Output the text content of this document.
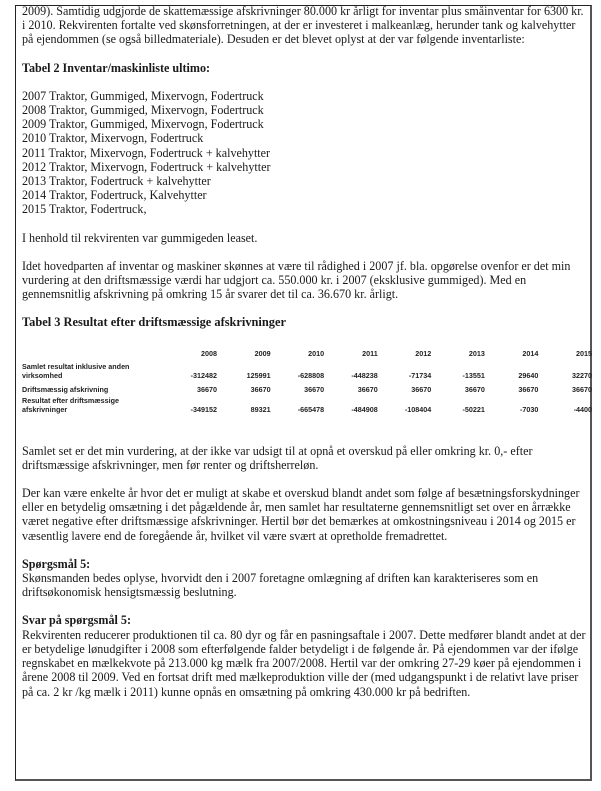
2009). Samtidig udgjorde de skattemæssige afskrivninger 80.000 kr årligt for inventar plus småinventar for 6300 kr. i 2010. Rekvirenten fortalte ved skønsforretningen, at der er investeret i malkeanlæg, herunder tank og kalvehytter på ejendommen (se også billedmateriale). Desuden er det blevet oplyst at der var følgende inventarliste:

Tabel 2 Inventar/maskinliste ultimo:
2007 Traktor, Gummiged, Mixervogn, Fodertruck
2008 Traktor, Gummiged, Mixervogn, Fodertruck
2009 Traktor, Gummiged, Mixervogn, Fodertruck
2010 Traktor, Mixervogn, Fodertruck
2011 Traktor, Mixervogn, Fodertruck + kalvehytter
2012 Traktor, Mixervogn, Fodertruck + kalvehytter
2013 Traktor, Fodertruck + kalvehytter
2014 Traktor, Fodertruck, Kalvehytter
2015 Traktor, Fodertruck,

I henhold til rekvirenten var gummigeden leaset.

Idet hovedparten af inventar og maskiner skønnes at være til rådighed i 2007 jf. bla. opgørelse ovenfor er det min vurdering at den driftsmæssige værdi har udgjort ca. 550.000 kr. i 2007 (eksklusive gummiged). Med en gennemsnitlig afskrivning på omkring 15 år svarer det til ca. 36.670 kr. årligt.

Tabel 3 Resultat efter driftsmæssige afskrivninger
	2008	2009	2010	2011	2012	2013	2014	2015

Samlet resultat inklusive anden
virksomhed	-312482	125991	-628808	-448238	-71734	-13551	29640	32270

Driftsmæssig afskrivning	36670	36670	36670	36670	36670	36670	36670	36670

Resultat efter driftsmæssige
afskrivninger	-349152	89321	-665478	-484908	-108404	-50221	-7030	-4400

Samlet set er det min vurdering, at der ikke var udsigt til at opnå et overskud på eller omkring kr. 0,- efter driftsmæssige afskrivninger, men før renter og driftsherreløn.

Der kan være enkelte år hvor det er muligt at skabe et overskud blandt andet som følge af besætningsforskydninger eller en betydelig omsætning i det pågældende år, men samlet har resultaterne gennemsnitligt set over en årrække været negative efter driftsmæssige afskrivninger. Hertil bør det bemærkes at omkostningsniveau i 2014 og 2015 er væsentlig lavere end de foregående år, hvilket vil være svært at opretholde fremadrettet.

Spørgsmål 5:

Skønsmanden bedes oplyse, hvorvidt den i 2007 foretagne omlægning af driften kan karakteriseres som en driftsøkonomisk hensigtsmæssig beslutning.

Svar på spørgsmål 5:

Rekvirenten reducerer produktionen til ca. 80 dyr og får en pasningsaftale i 2007. Dette medfører blandt andet at der er betydelige lønudgifter i 2008 som efterfølgende falder betydeligt i de følgende år. På ejendommen var der ifølge regnskabet en mælkekvote på 213.000 kg mælk fra 2007/2008. Hertil var der omkring 27-29 køer på ejendommen i årene 2008 til 2009. Ved en fortsat drift med mælkeproduktion ville der (med udgangspunkt i de relativt lave priser på ca. 2 kr /kg mælk i 2011) kunne opnås en omsætning på omkring 430.000 kr på bedriften.
